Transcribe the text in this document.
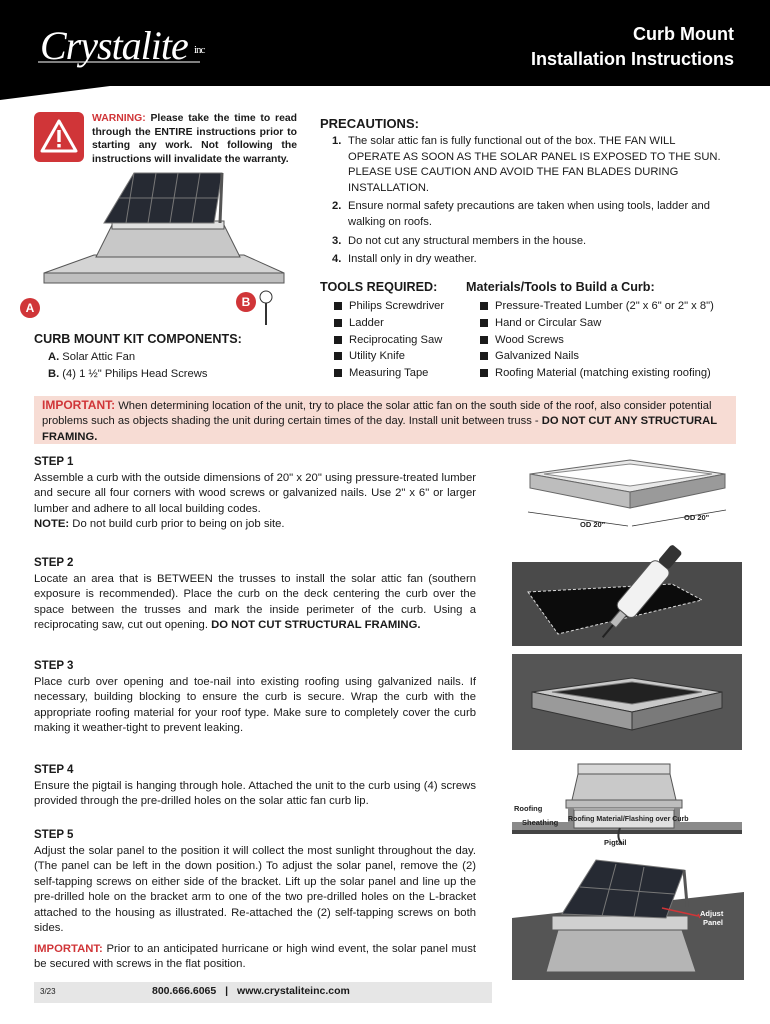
Crystalite inc
Curb Mount
Installation Instructions
WARNING: Please take the time to read through the ENTIRE instructions prior to starting any work. Not following the instructions will invalidate the warranty.
A	B
CURB MOUNT KIT COMPONENTS:
A. Solar Attic Fan
B. (4) 1 ½" Philips Head Screws
PRECAUTIONS:
1. The solar attic fan is fully functional out of the box. THE FAN WILL OPERATE AS SOON AS THE SOLAR PANEL IS EXPOSED TO THE SUN. PLEASE USE CAUTION AND AVOID THE FAN BLADES DURING INSTALLATION.
2. Ensure normal safety precautions are taken when using tools, ladder and walking on roofs.
3. Do not cut any structural members in the house.
4. Install only in dry weather.
TOOLS REQUIRED:
Philips Screwdriver
Ladder
Reciprocating Saw
Utility Knife
Measuring Tape
Materials/Tools to Build a Curb:
Pressure-Treated Lumber (2" x 6" or 2" x 8")
Hand or Circular Saw
Wood Screws
Galvanized Nails
Roofing Material (matching existing roofing)
IMPORTANT: When determining location of the unit, try to place the solar attic fan on the south side of the roof, also consider potential problems such as objects shading the unit during certain times of the day. Install unit between truss - DO NOT CUT ANY STRUCTURAL FRAMING.
STEP 1
Assemble a curb with the outside dimensions of 20" x 20" using pressure-treated lumber and secure all four corners with wood screws or galvanized nails. Use 2" x 6" or larger lumber and adhere to all local building codes.
NOTE: Do not build curb prior to being on job site.	OD 20"
OD 20"
STEP 2
Locate an area that is BETWEEN the trusses to install the solar attic fan (southern exposure is recommended). Place the curb on the deck centering the curb over the space between the trusses and mark the inside perimeter of the curb. Using a reciprocating saw, cut out opening. DO NOT CUT STRUCTURAL FRAMING.
STEP 3
Place curb over opening and toe-nail into existing roofing using galvanized nails. If necessary, building blocking to ensure the curb is secure. Wrap the curb with the appropriate roofing material for your roof type. Make sure to completely cover the curb making it weather-tight to prevent leaking.
STEP 4
Ensure the pigtail is hanging through hole. Attached the unit to the curb using (4) screws provided through the pre-drilled holes on the solar attic fan curb lip.
Roofing
Sheathing Roofing Material/Flashing over Curb
Pigtail
STEP 5
Adjust the solar panel to the position it will collect the most sunlight throughout the day. (The panel can be left in the down position.) To adjust the solar panel, remove the (2) self-tapping screws on either side of the bracket. Lift up the solar panel and line up the pre-drilled hole on the bracket arm to one of the two pre-drilled holes on the L-bracket attached to the housing as illustrated. Re-attached the (2) self-tapping screws on both sides.
Adjust
Panel
IMPORTANT: Prior to an anticipated hurricane or high wind event, the solar panel must be secured with screws in the flat position.
3/23	800.666.6065 | www.crystaliteinc.com
